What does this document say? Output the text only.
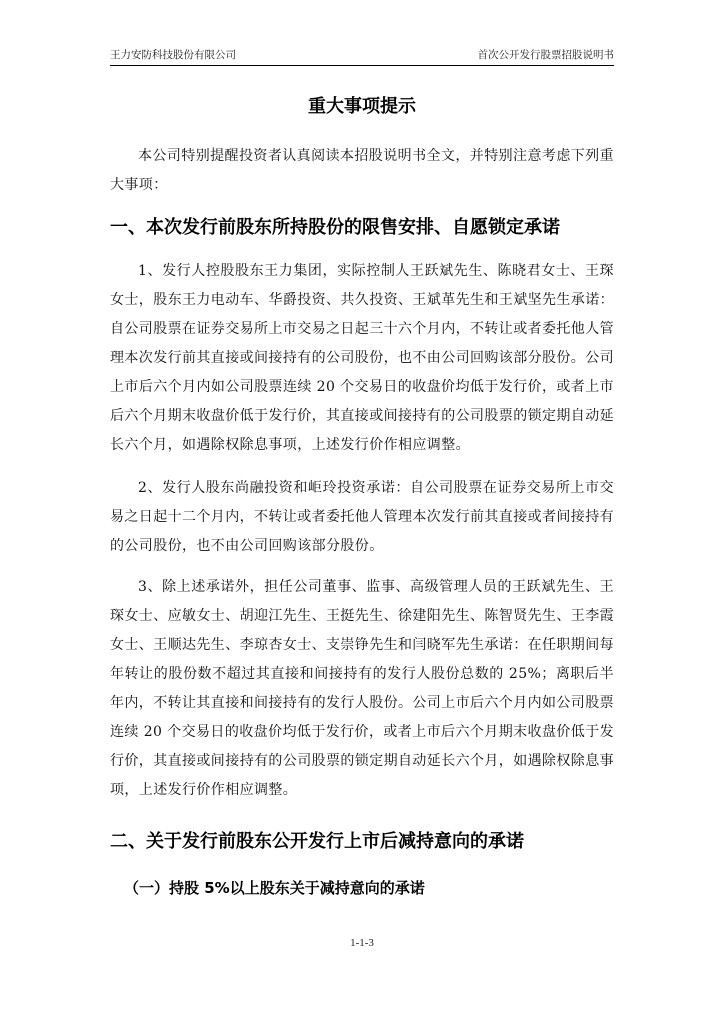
王力安防科技股份有限公司	首次公开发行股票招股说明书
重大事项提示

本公司特别提醒投资者认真阅读本招股说明书全文，并特别注意考虑下列重大事项：

一、本次发行前股东所持股份的限售安排、自愿锁定承诺

1、发行人控股股东王力集团，实际控制人王跃斌先生、陈晓君女士、王琛女士，股东王力电动车、华爵投资、共久投资、王斌革先生和王斌坚先生承诺：自公司股票在证券交易所上市交易之日起三十六个月内，不转让或者委托他人管理本次发行前其直接或间接持有的公司股份，也不由公司回购该部分股份。公司上市后六个月内如公司股票连续 20 个交易日的收盘价均低于发行价，或者上市后六个月期末收盘价低于发行价，其直接或间接持有的公司股票的锁定期自动延长六个月，如遇除权除息事项，上述发行价作相应调整。

2、发行人股东尚融投资和岠玲投资承诺：自公司股票在证券交易所上市交易之日起十二个月内，不转让或者委托他人管理本次发行前其直接或者间接持有的公司股份，也不由公司回购该部分股份。

3、除上述承诺外，担任公司董事、监事、高级管理人员的王跃斌先生、王琛女士、应敏女士、胡迎江先生、王挺先生、徐建阳先生、陈智贤先生、王李霞女士、王顺达先生、李琼杏女士、支崇铮先生和闫晓军先生承诺：在任职期间每年转让的股份数不超过其直接和间接持有的发行人股份总数的 25%；离职后半年内，不转让其直接和间接持有的发行人股份。公司上市后六个月内如公司股票连续 20 个交易日的收盘价均低于发行价，或者上市后六个月期末收盘价低于发行价，其直接或间接持有的公司股票的锁定期自动延长六个月，如遇除权除息事项，上述发行价作相应调整。

二、关于发行前股东公开发行上市后减持意向的承诺
（一）持股 5%以上股东关于减持意向的承诺
1-1-3
